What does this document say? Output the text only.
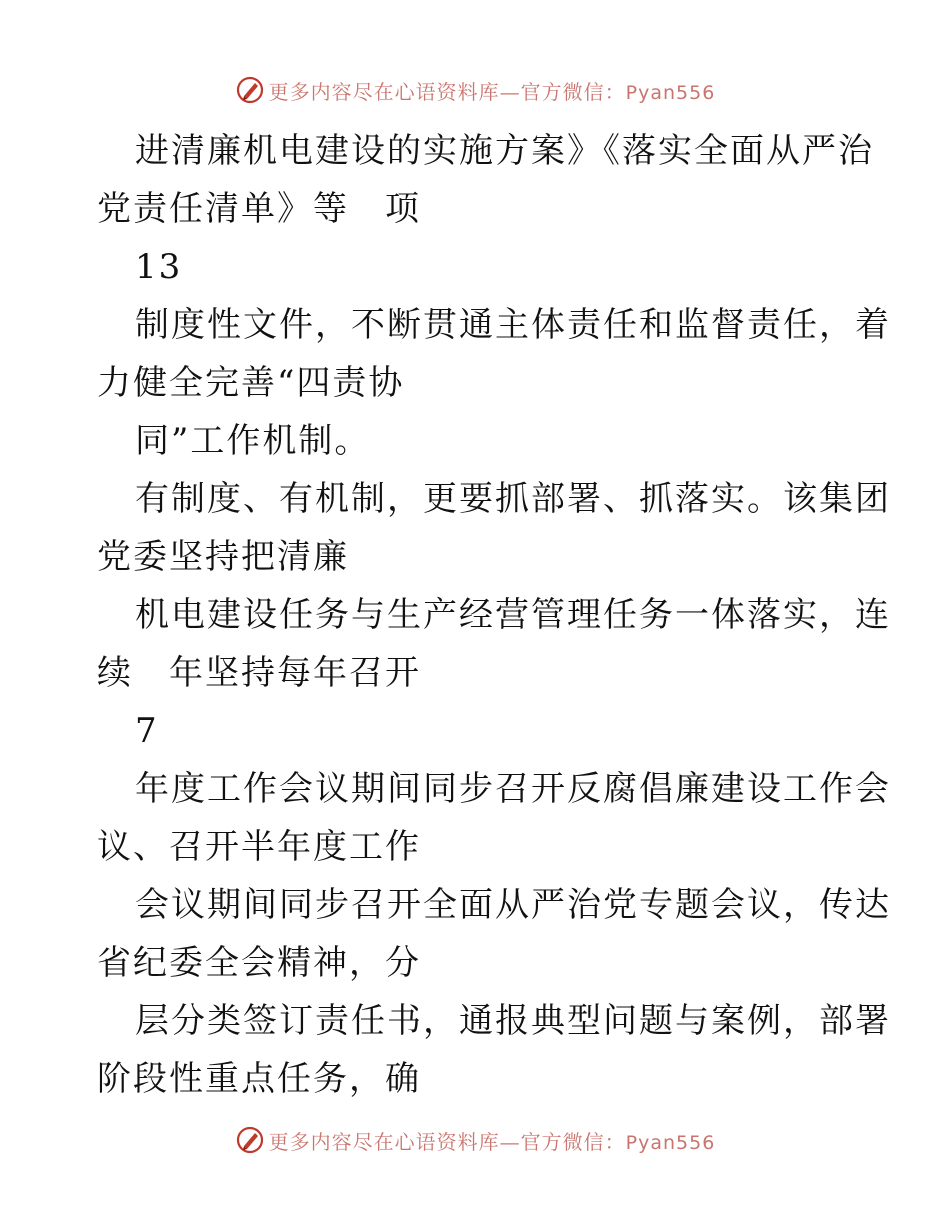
更多内容尽在心语资料库—官方微信：Pyan556
进清廉机电建设的实施方案》《落实全面从严治
党责任清单》等　项
13
制度性文件，不断贯通主体责任和监督责任，着
力健全完善“四责协
同”工作机制。
有制度、有机制，更要抓部署、抓落实。该集团
党委坚持把清廉
机电建设任务与生产经营管理任务一体落实，连
续　年坚持每年召开
7
年度工作会议期间同步召开反腐倡廉建设工作会
议、召开半年度工作
会议期间同步召开全面从严治党专题会议，传达
省纪委全会精神，分
层分类签订责任书，通报典型问题与案例，部署
阶段性重点任务，确
更多内容尽在心语资料库—官方微信：Pyan556
